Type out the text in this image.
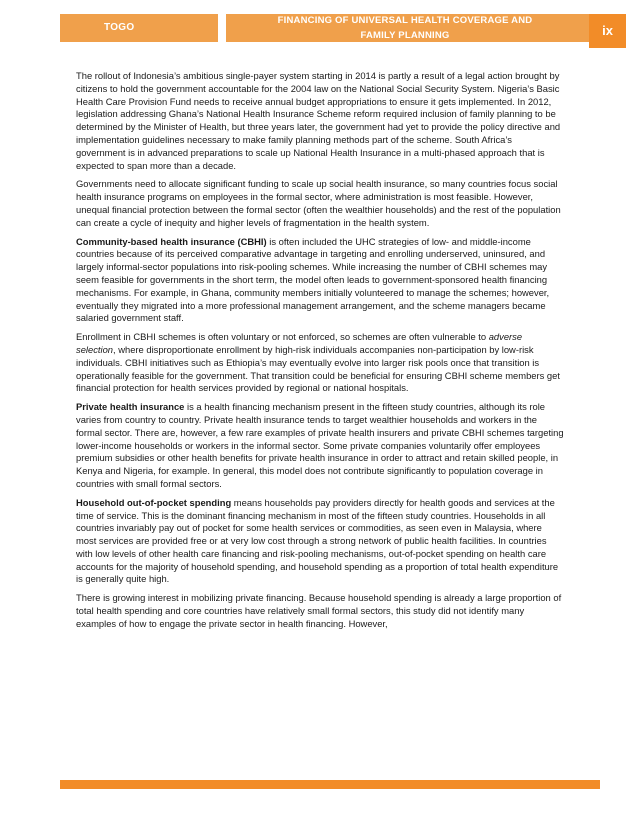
TOGO
FINANCING OF UNIVERSAL HEALTH COVERAGE AND
FAMILY PLANNING	ix

The rollout of Indonesia’s ambitious single-payer system starting in 2014 is partly a result of a legal action brought by citizens to hold the government accountable for the 2004 law on the National Social Security System. Nigeria’s Basic Health Care Provision Fund needs to receive annual budget appropriations to ensure it gets implemented. In 2012, legislation addressing Ghana’s National Health Insurance Scheme reform required inclusion of family planning to be determined by the Minister of Health, but three years later, the government had yet to provide the policy directive and implementation guidelines necessary to make family planning methods part of the scheme. South Africa’s government is in advanced preparations to scale up National Health Insurance in a multi-phased approach that is expected to span more than a decade.

Governments need to allocate significant funding to scale up social health insurance, so many countries focus social health insurance programs on employees in the formal sector, where administration is most feasible. However, unequal financial protection between the formal sector (often the wealthier households) and the rest of the population can create a cycle of inequity and higher levels of fragmentation in the health system.

Community-based health insurance (CBHI) is often included the UHC strategies of low- and middle-income countries because of its perceived comparative advantage in targeting and enrolling underserved, uninsured, and largely informal-sector populations into risk-pooling schemes. While increasing the number of CBHI schemes may seem feasible for governments in the short term, the model often leads to government-sponsored health financing mechanisms. For example, in Ghana, community members initially volunteered to manage the schemes; however, eventually they migrated into a more professional management arrangement, and the scheme managers became salaried government staff.

Enrollment in CBHI schemes is often voluntary or not enforced, so schemes are often vulnerable to adverse selection, where disproportionate enrollment by high-risk individuals accompanies non-participation by low-risk individuals. CBHI initiatives such as Ethiopia’s may eventually evolve into larger risk pools once that transition is operationally feasible for the government. That transition could be beneficial for ensuring CBHI scheme members get financial protection for health services provided by regional or national hospitals.

Private health insurance is a health financing mechanism present in the fifteen study countries, although its role varies from country to country. Private health insurance tends to target wealthier households and workers in the formal sector. There are, however, a few rare examples of private health insurers and private CBHI schemes targeting lower-income households or workers in the informal sector. Some private companies voluntarily offer employees premium subsidies or other health benefits for private health insurance in order to attract and retain skilled people, in Kenya and Nigeria, for example. In general, this model does not contribute significantly to population coverage in countries with small formal sectors.

Household out-of-pocket spending means households pay providers directly for health goods and services at the time of service. This is the dominant financing mechanism in most of the fifteen study countries. Households in all countries invariably pay out of pocket for some health services or commodities, as seen even in Malaysia, where most services are provided free or at very low cost through a strong network of public health facilities. In countries with low levels of other health care financing and risk-pooling mechanisms, out-of-pocket spending on health care accounts for the majority of household spending, and household spending as a proportion of total health expenditure is generally quite high.

There is growing interest in mobilizing private financing. Because household spending is already a large proportion of total health spending and core countries have relatively small formal sectors, this study did not identify many examples of how to engage the private sector in health financing. However,
